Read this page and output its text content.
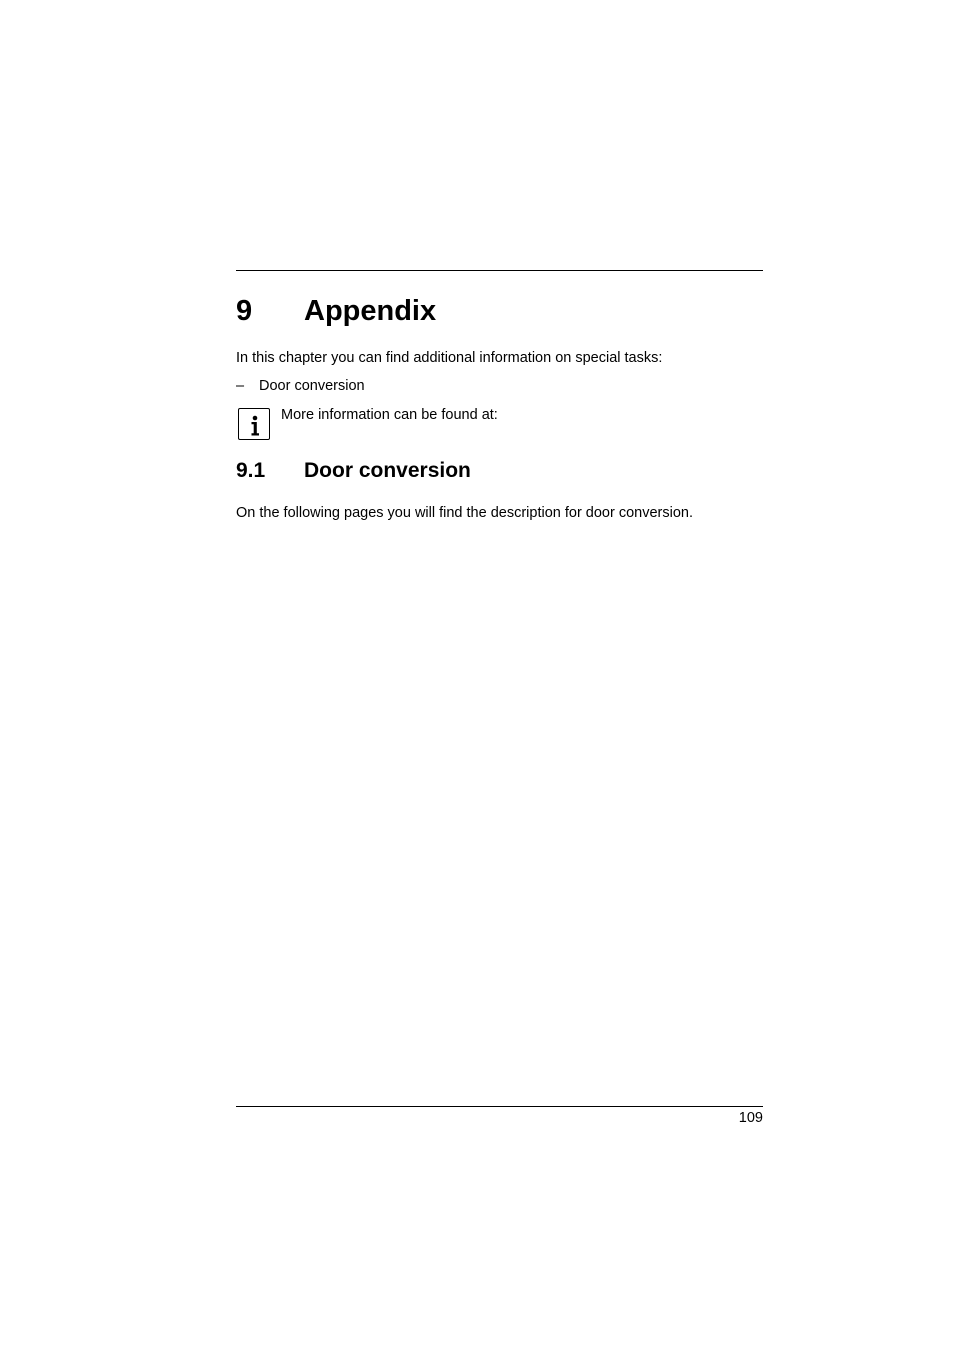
9 Appendix

In this chapter you can find additional information on special tasks:

– Door conversion

More information can be found at:

9.1 Door conversion

On the following pages you will find the description for door conversion.

109
